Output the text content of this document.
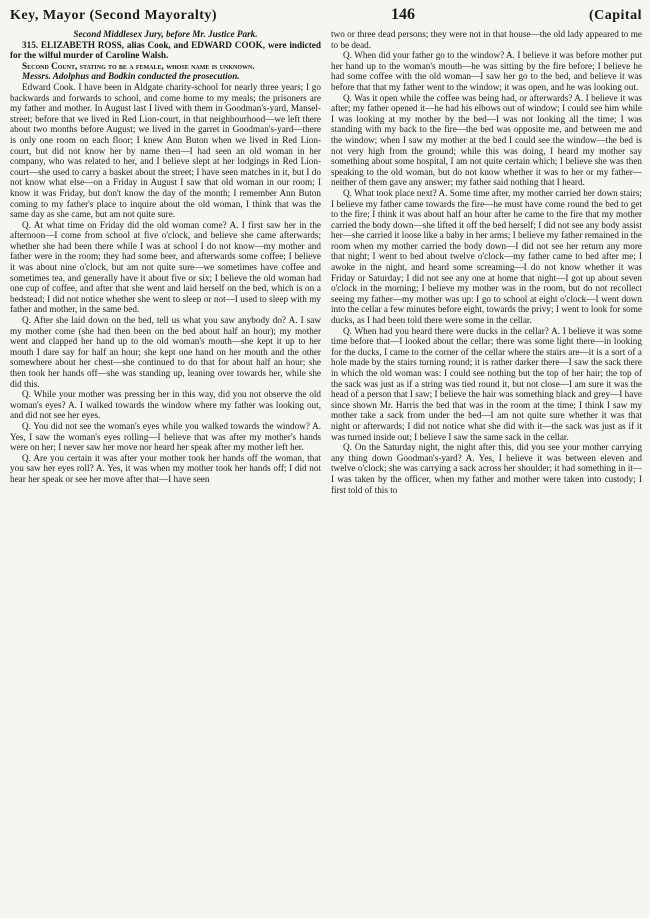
Key, Mayor (Second Mayoralty)	146	(Capital

Second Middlesex Jury, before Mr. Justice Park.

315. ELIZABETH ROSS, alias Cook, and EDWARD COOK, were indicted for the wilful murder of Caroline Walsh.

Second Count, stating to be a female, whose name is unknown.

Messrs. Adolphus and Bodkin conducted the prosecution.

Edward Cook. I have been in Aldgate charity-school for nearly three years; I go backwards and forwards to school, and come home to my meals; the prisoners are my father and mother. In August last I lived with them in Goodman's-yard, Mansel-street; before that we lived in Red Lion-court, in that neighbourhood—we left there about two months before August; we lived in the garret in Goodman's-yard—there is only one room on each floor; I knew Ann Buton when we lived in Red Lion-court, but did not know her by name then—I had seen an old woman in her company, who was related to her, and I believe slept at her lodgings in Red Lion-court—she used to carry a basket about the street; I have seen matches in it, but I do not know what else—on a Friday in August I saw that old woman in our room; I know it was Friday, but don't know the day of the month; I remember Ann Buton coming to my father's place to inquire about the old woman, I think that was the same day as she came, but am not quite sure.

Q. At what time on Friday did the old woman come? A. I first saw her in the afternoon—I come from school at five o'clock, and believe she came afterwards; whether she had been there while I was at school I do not know—my mother and father were in the room; they had some beer, and afterwards some coffee; I believe it was about nine o'clock, but am not quite sure—we sometimes have coffee and sometimes tea, and generally have it about five or six; I believe the old woman had one cup of coffee, and after that she went and laid herself on the bed, which is on a bedstead; I did not notice whether she went to sleep or not—I used to sleep with my father and mother, in the same bed.

Q. After she laid down on the bed, tell us what you saw anybody do? A. I saw my mother come (she had then been on the bed about half an hour); my mother went and clapped her hand up to the old woman's mouth—she kept it up to her mouth I dare say for half an hour; she kept one hand on her mouth and the other somewhere about her chest—she continued to do that for about half an hour; she then took her hands off—she was standing up, leaning over towards her, while she did this.

Q. While your mother was pressing her in this way, did you not observe the old woman's eyes? A. I walked towards the window where my father was looking out, and did not see her eyes.

Q. You did not see the woman's eyes while you walked towards the window? A. Yes, I saw the woman's eyes rolling—I believe that was after my mother's hands were on her; I never saw her move nor heard her speak after my mother left her.

Q. Are you certain it was after your mother took her hands off the woman, that you saw her eyes roll? A. Yes, it was when my mother took her hands off; I did not hear her speak or see her move after that—I have seen

two or three dead persons; they were not in that house—the old lady appeared to me to be dead.

Q. When did your father go to the window? A. I believe it was before mother put her hand up to the woman's mouth—he was sitting by the fire before; I believe he had some coffee with the old woman—I saw her go to the bed, and believe it was before that that my father went to the window; it was open, and he was looking out.

Q. Was it open while the coffee was being had, or afterwards? A. I believe it was after; my father opened it—he had his elbows out of window; I could see him while I was looking at my mother by the bed—I was not looking all the time; I was standing with my back to the fire—the bed was opposite me, and between me and the window; when I saw my mother at the bed I could see the window—the bed is not very high from the ground; while this was doing, I heard my mother say something about some hospital, I am not quite certain which; I believe she was then speaking to the old woman, but do not know whether it was to her or my father—neither of them gave any answer; my father said nothing that I heard.

Q. What took place next? A. Some time after, my mother carried her down stairs; I believe my father came towards the fire—he must have come round the bed to get to the fire; I think it was about half an hour after he came to the fire that my mother carried the body down—she lifted it off the bed herself; I did not see any body assist her—she carried it loose like a baby in her arms; I believe my father remained in the room when my mother carried the body down—I did not see her return any more that night; I went to bed about twelve o'clock—my father came to bed after me; I awoke in the night, and heard some screaming—I do not know whether it was Friday or Saturday; I did not see any one at home that night—I got up about seven o'clock in the morning; I believe my mother was in the room, but do not recollect seeing my father—my mother was up: I go to school at eight o'clock—I went down into the cellar a few minutes before eight, towards the privy; I went to look for some ducks, as I had been told there were some in the cellar.

Q. When had you heard there were ducks in the cellar? A. I believe it was some time before that—I looked about the cellar; there was some light there—in looking for the ducks, I came to the corner of the cellar where the stairs are—it is a sort of a hole made by the stairs turning round; it is rather darker there—I saw the sack there in which the old woman was: I could see nothing but the top of her hair; the top of the sack was just as if a string was tied round it, but not close—I am sure it was the head of a person that I saw; I believe the hair was something black and grey—I have since shown Mr. Harris the bed that was in the room at the time; I think I saw my mother take a sack from under the bed—I am not quite sure whether it was that night or afterwards; I did not notice what she did with it—the sack was just as if it was turned inside out; I believe I saw the same sack in the cellar.

Q. On the Saturday night, the night after this, did you see your mother carrying any thing down Goodman's-yard? A. Yes, I believe it was between eleven and twelve o'clock; she was carrying a sack across her shoulder; it had something in it—I was taken by the officer, when my father and mother were taken into custody; I first told of this to
